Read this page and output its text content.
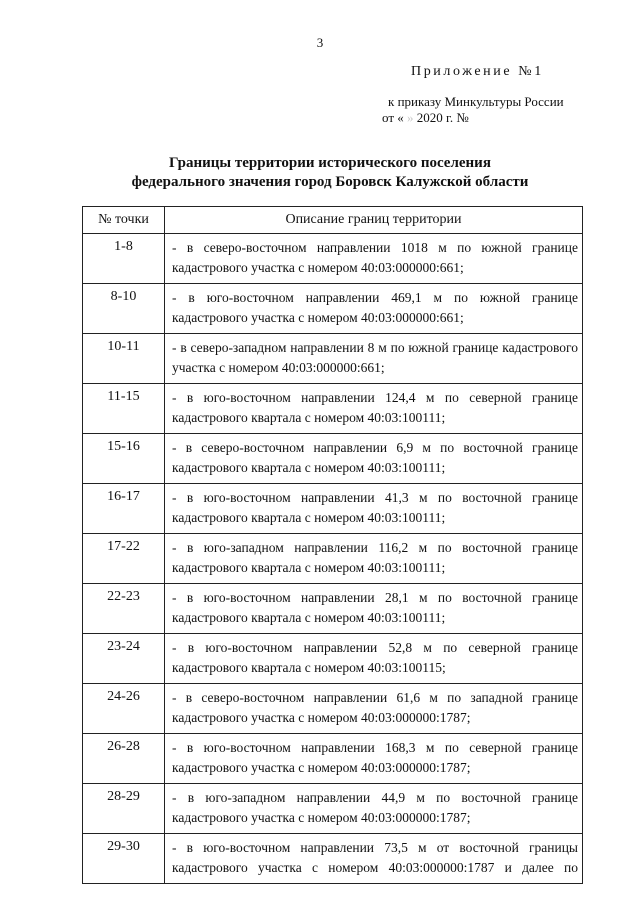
3
Приложение №1
к приказу Минкультуры России
от « » 2020 г. №
Границы территории исторического поселения
федерального значения город Боровск Калужской области
№ точки	Описание границ территории
1-8	- в северо-восточном направлении 1018 м по южной границе кадастрового участка с номером 40:03:000000:661;

8-10	- в юго-восточном направлении 469,1 м по южной границе кадастрового участка с номером 40:03:000000:661;

10-11	- в северо-западном направлении 8 м по южной границе кадастрового участка с номером 40:03:000000:661;

11-15	- в юго-восточном направлении 124,4 м по северной границе кадастрового квартала с номером 40:03:100111;

15-16	- в северо-восточном направлении 6,9 м по восточной границе кадастрового квартала с номером 40:03:100111;

16-17	- в юго-восточном направлении 41,3 м по восточной границе кадастрового квартала с номером 40:03:100111;

17-22	- в юго-западном направлении 116,2 м по восточной границе кадастрового квартала с номером 40:03:100111;

22-23	- в юго-восточном направлении 28,1 м по восточной границе кадастрового квартала с номером 40:03:100111;

23-24	- в юго-восточном направлении 52,8 м по северной границе кадастрового квартала с номером 40:03:100115;

24-26	- в северо-восточном направлении 61,6 м по западной границе кадастрового участка с номером 40:03:000000:1787;

26-28	- в юго-восточном направлении 168,3 м по северной границе кадастрового участка с номером 40:03:000000:1787;

28-29	- в юго-западном направлении 44,9 м по восточной границе кадастрового участка с номером 40:03:000000:1787;

29-30	- в юго-восточном направлении 73,5 м от восточной границы кадастрового участка с номером 40:03:000000:1787 и далее по
